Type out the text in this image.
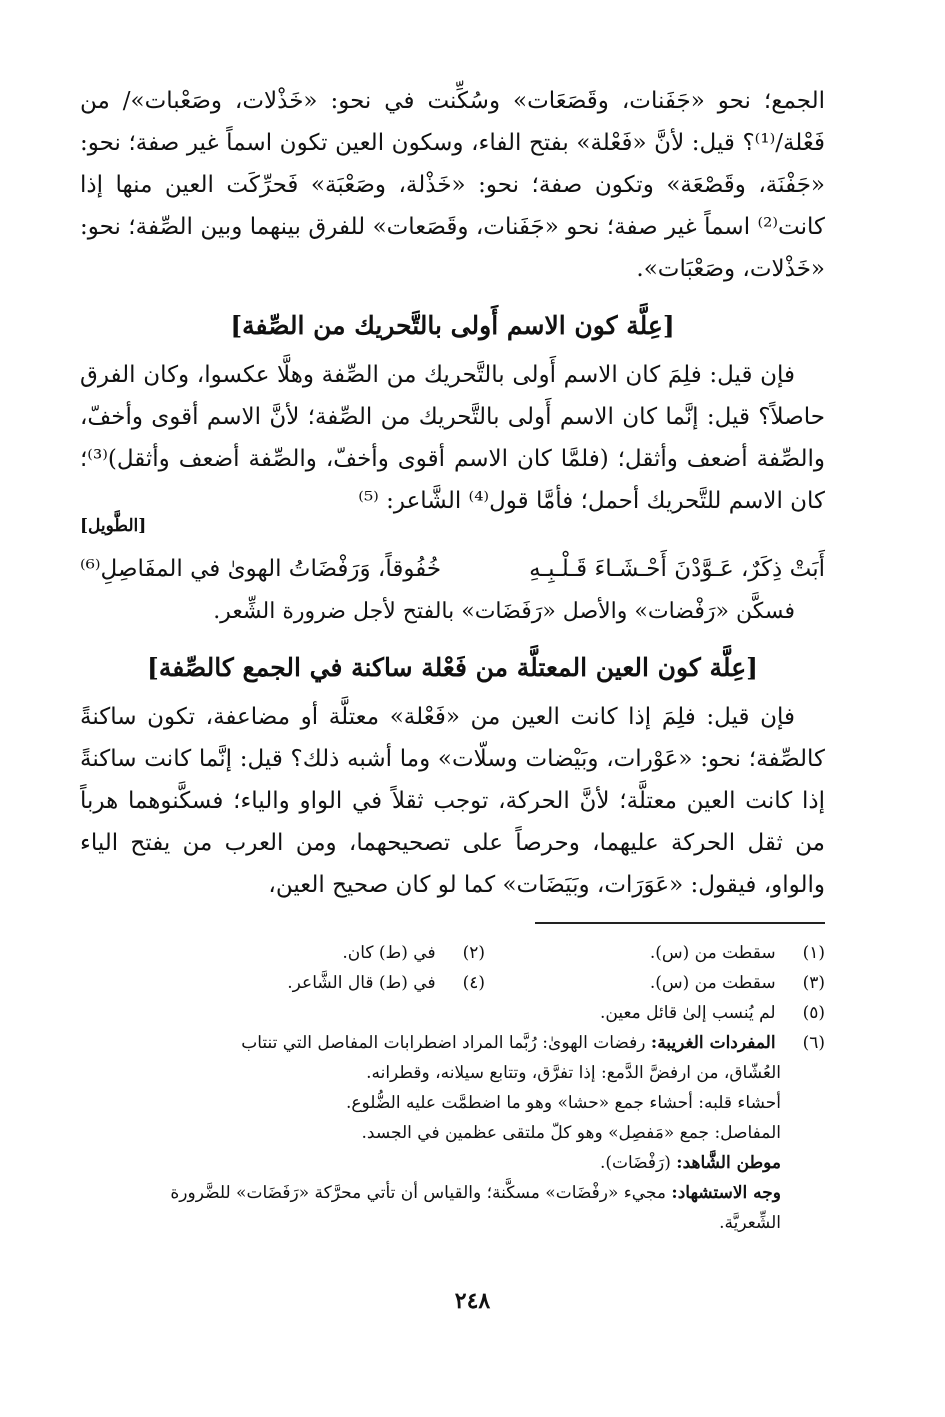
الجمع؛ نحو «جَفَنات، وقَصَعَات» وسُكِّنت في نحو: «خَذْلات، وصَعْبات»/ من فَعْلة/⁽¹⁾؟ قيل: لأنَّ «فَعْلة» بفتح الفاء، وسكون العين تكون اسماً غير صفة؛ نحو: «جَفْنَة، وقَصْعَة» وتكون صفة؛ نحو: «خَذْلة، وصَعْبَة» فَحرِّكَت العين منها إذا كانت⁽²⁾ اسماً غير صفة؛ نحو «جَفَنات، وقَصَعات» للفرق بينهما وبين الصِّفة؛ نحو: «خَذْلات، وصَعْبَات».

[عِلَّة كون الاسم أَولى بالتَّحريك من الصِّفة]

فإن قيل: فلِمَ كان الاسم أَولى بالتَّحريك من الصِّفة وهلَّا عكسوا، وكان الفرق حاصلاً؟ قيل: إنَّما كان الاسم أَولى بالتَّحريك من الصِّفة؛ لأنَّ الاسم أقوى وأخفّ، والصِّفة أضعف وأثقل؛ (فلمَّا كان الاسم أقوى وأخفّ، والصِّفة أضعف وأثقل)⁽³⁾؛ كان الاسم للتَّحريك أحمل؛ فأمَّا قول⁽⁴⁾ الشَّاعر: ⁽⁵⁾

[الطَّويل]
أَبَتْ ذِكَرٌ، عَـوَّدْنَ أَحْـشَـاءَ قَـلْـبِـهِ
خُفُوقاً، وَرَفْضَاتُ الهوىٰ في المفَاصِلِ⁽⁶⁾

فسكَّن «رَفْضات» والأصل «رَفَضَات» بالفتح لأجل ضرورة الشِّعر.

[عِلَّة كون العين المعتلَّة من فَعْلة ساكنة في الجمع كالصِّفة]

فإن قيل: فلِمَ إذا كانت العين من «فَعْلة» معتلَّة أو مضاعفة، تكون ساكنةً كالصِّفة؛ نحو: «عَوْرات، وبَيْضات وسلّات» وما أشبه ذلك؟ قيل: إنَّما كانت ساكنةً إذا كانت العين معتلَّة؛ لأنَّ الحركة، توجب ثقلاً في الواو والياء؛ فسكَّنوهما هرباً من ثقل الحركة عليهما، وحرصاً على تصحيحهما، ومن العرب من يفتح الياء والواو، فيقول: «عَوَرَات، وبَيَضَات» كما لو كان صحيح العين،

(١) سقطت من (س).
(٢) في (ط) كان.
(٣) سقطت من (س).
(٤) في (ط) قال الشَّاعر.
(٥) لم يُنسب إلىٰ قائل معين.
(٦) المفردات الغريبة: رفضات الهوىٰ: رُبَّما المراد اضطرابات المفاصل التي تنتاب
العُشّاق، من ارفضَّ الدَّمع: إذا تفرَّق، وتتابع سيلانه، وقطرانه.
أحشاء قلبه: أحشاء جمع «حشا» وهو ما اضطمَّت عليه الضُّلوع.
المفاصل: جمع «مَفصِل» وهو كلّ ملتقى عظمين في الجسد.
موطن الشَّاهد: (رَفْضَات).
وجه الاستشهاد: مجيء «رفْضَات» مسكَّنة؛ والقياس أن تأتي محرَّكة «رَفَضَات» للضَّرورة
الشِّعريَّة.
٢٤٨
